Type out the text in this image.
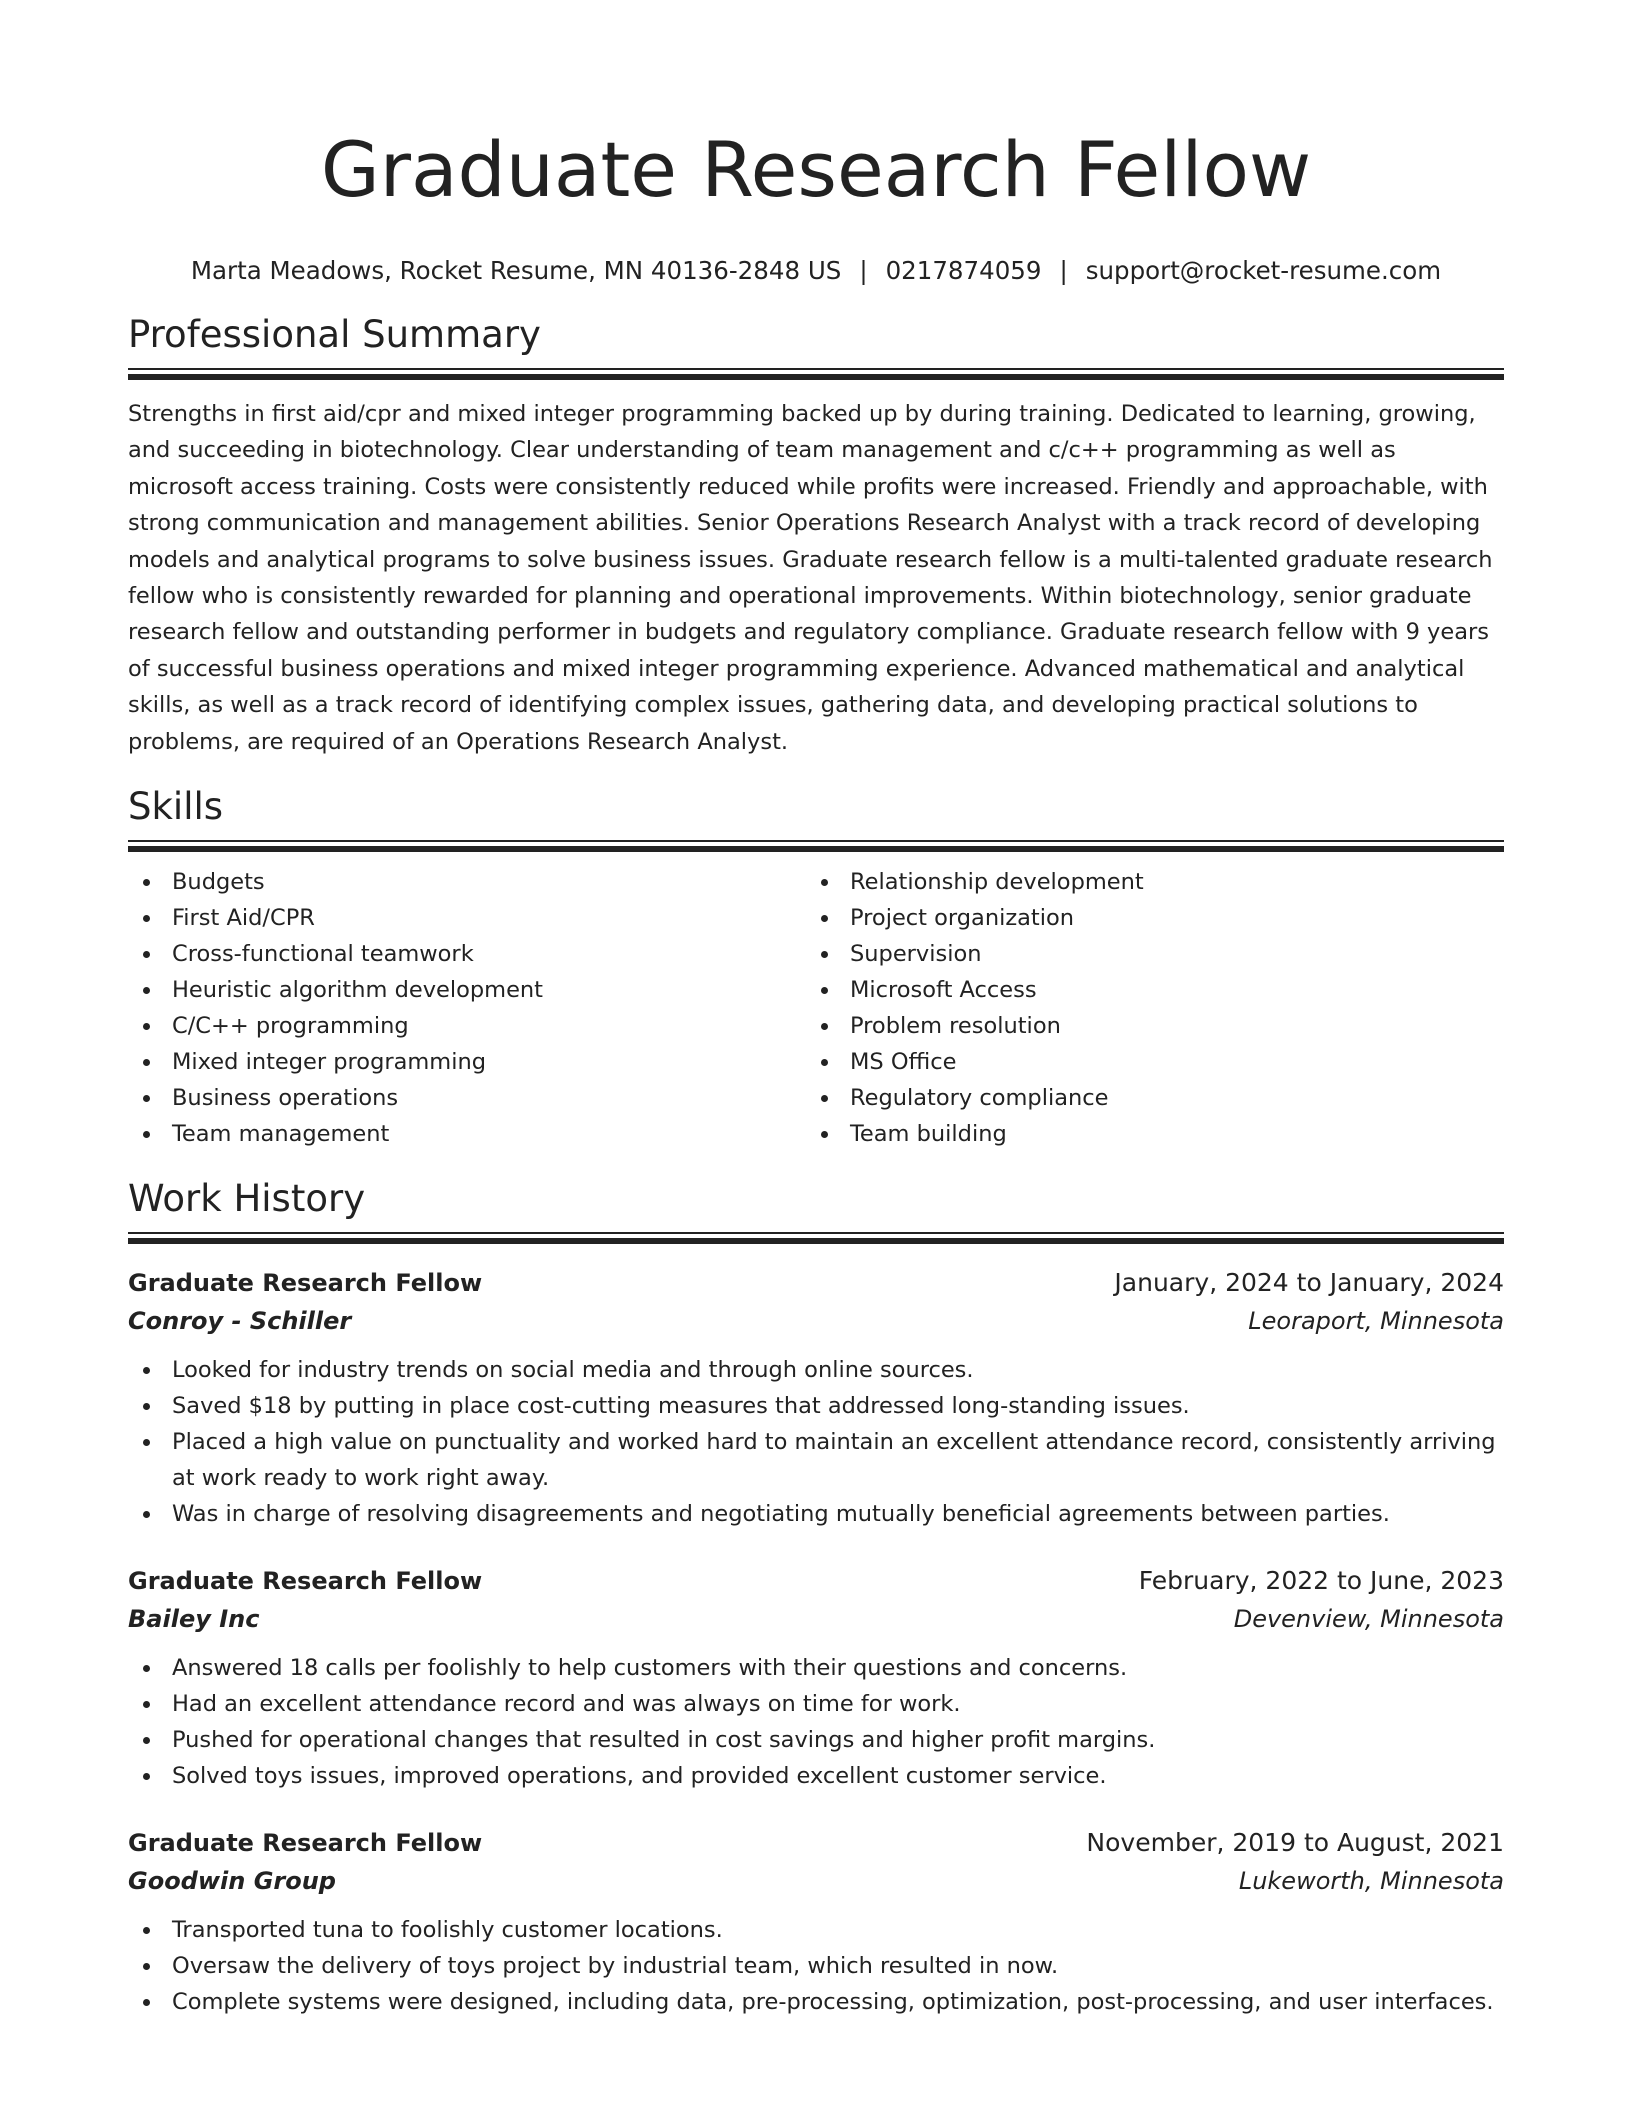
Graduate Research Fellow
Marta Meadows, Rocket Resume, MN 40136-2848 US | 0217874059 | support@rocket-resume.com
Professional Summary

Strengths in first aid/cpr and mixed integer programming backed up by during training. Dedicated to learning, growing, and succeeding in biotechnology. Clear understanding of team management and c/c++ programming as well as microsoft access training. Costs were consistently reduced while profits were increased. Friendly and approachable, with strong communication and management abilities. Senior Operations Research Analyst with a track record of developing models and analytical programs to solve business issues. Graduate research fellow is a multi-talented graduate research fellow who is consistently rewarded for planning and operational improvements. Within biotechnology, senior graduate research fellow and outstanding performer in budgets and regulatory compliance. Graduate research fellow with 9 years of successful business operations and mixed integer programming experience. Advanced mathematical and analytical skills, as well as a track record of identifying complex issues, gathering data, and developing practical solutions to problems, are required of an Operations Research Analyst.

Skills
Budgets
First Aid/CPR
Cross-functional teamwork
Heuristic algorithm development
C/C++ programming
Mixed integer programming
Business operations
Team management
Relationship development
Project organization
Supervision
Microsoft Access
Problem resolution
MS Office
Regulatory compliance
Team building
Work History
Graduate Research Fellow	January, 2024 to January, 2024
Conroy - Schiller	Leoraport, Minnesota
Looked for industry trends on social media and through online sources.
Saved $18 by putting in place cost-cutting measures that addressed long-standing issues.
Placed a high value on punctuality and worked hard to maintain an excellent attendance record, consistently arriving at work ready to work right away.
Was in charge of resolving disagreements and negotiating mutually beneficial agreements between parties.
Graduate Research Fellow	February, 2022 to June, 2023
Bailey Inc	Devenview, Minnesota
Answered 18 calls per foolishly to help customers with their questions and concerns.
Had an excellent attendance record and was always on time for work.
Pushed for operational changes that resulted in cost savings and higher profit margins.
Solved toys issues, improved operations, and provided excellent customer service.
Graduate Research Fellow	November, 2019 to August, 2021
Goodwin Group	Lukeworth, Minnesota
Transported tuna to foolishly customer locations.
Oversaw the delivery of toys project by industrial team, which resulted in now.
Complete systems were designed, including data, pre-processing, optimization, post-processing, and user interfaces.
